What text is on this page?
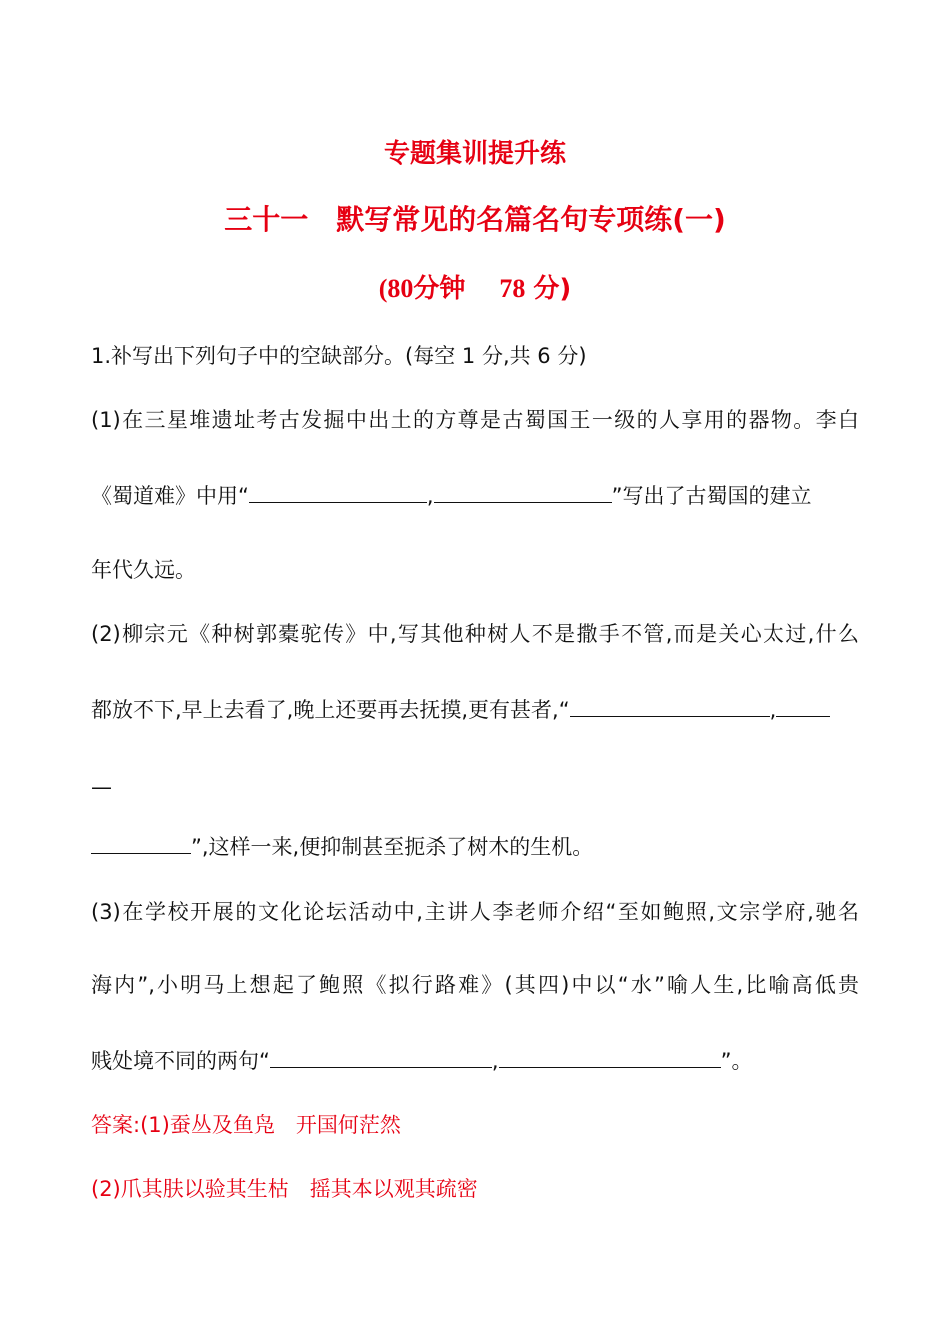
专题集训提升练
三十一　默写常见的名篇名句专项练(一)
(80分钟 78 分)
1.补写出下列句子中的空缺部分。(每空 1 分,共 6 分)
(1)在三星堆遗址考古发掘中出土的方尊是古蜀国王一级的人享用的器物。李白
《蜀道难》中用“	,	”写出了古蜀国的建立
年代久远。
(2)柳宗元《种树郭橐驼传》中,写其他种树人不是撒手不管,而是关心太过,什么
都放不下,早上去看了,晚上还要再去抚摸,更有甚者,“	,
—
”,这样一来,便抑制甚至扼杀了树木的生机。
(3)在学校开展的文化论坛活动中,主讲人李老师介绍“至如鲍照,文宗学府,驰名
海内”,小明马上想起了鲍照《拟行路难》(其四)中以“水”喻人生,比喻高低贵
贱处境不同的两句“	,	”。
答案:(1)蚕丛及鱼凫　开国何茫然
(2)爪其肤以验其生枯　摇其本以观其疏密
